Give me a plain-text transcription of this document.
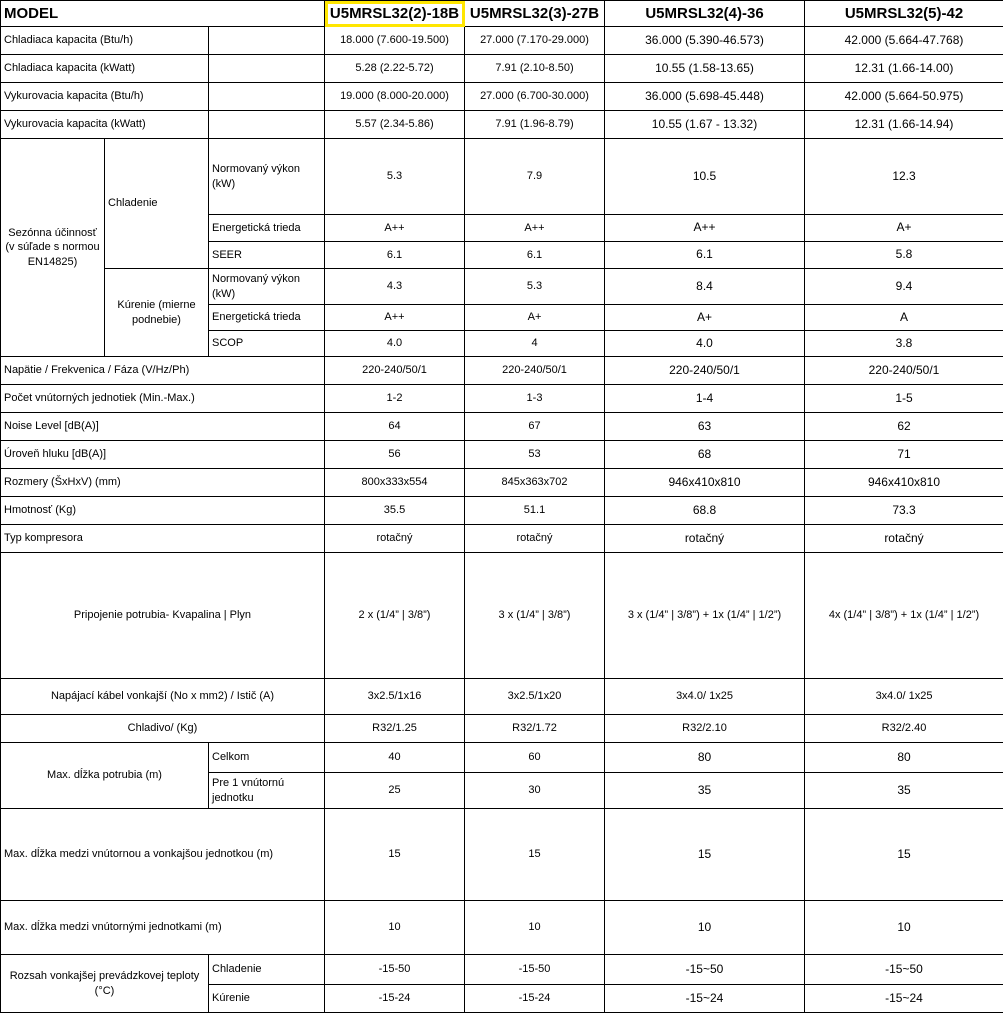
MODEL			U5MRSL32(2)-18B	U5MRSL32(3)-27B	U5MRSL32(4)-36	U5MRSL32(5)-42
Chladiaca kapacita (Btu/h)			18.000 (7.600-19.500)	27.000 (7.170-29.000)	36.000 (5.390-46.573)	42.000 (5.664-47.768)
Chladiaca kapacita (kWatt)			5.28 (2.22-5.72)	7.91 (2.10-8.50)	10.55 (1.58-13.65)	12.31 (1.66-14.00)
Vykurovacia kapacita (Btu/h)			19.000 (8.000-20.000)	27.000 (6.700-30.000)	36.000 (5.698-45.448)	42.000 (5.664-50.975)
Vykurovacia kapacita (kWatt)			5.57 (2.34-5.86)	7.91 (1.96-8.79)	10.55 (1.67 - 13.32)	12.31 (1.66-14.94)
Sezónna účinnosť (v súľade s normou EN14825)	Chladenie	Normovaný výkon (kW)	5.3	7.9	10.5	12.3
		Energetická trieda	A++	A++	A++	A+
		SEER	6.1	6.1	6.1	5.8
	Kúrenie (mierne podnebie)	Normovaný výkon (kW)	4.3	5.3	8.4	9.4
		Energetická trieda	A++	A+	A+	A
		SCOP	4.0	4	4.0	3.8
Napätie / Frekvenica / Fáza (V/Hz/Ph)			220-240/50/1	220-240/50/1	220-240/50/1	220-240/50/1
Počet vnútorných jednotiek (Min.-Max.)			1-2	1-3	1-4	1-5
Noise Level [dB(A)]			64	67	63	62
Úroveň hluku [dB(A)]			56	53	68	71
Rozmery (ŠxHxV) (mm)			800x333x554	845x363x702	946x410x810	946x410x810
Hmotnosť (Kg)			35.5	51.1	68.8	73.3
Typ kompresora			rotačný	rotačný	rotačný	rotačný
Pripojenie potrubia- Kvapalina | Plyn			2 x (1/4” | 3/8”)	3 x (1/4” | 3/8”)	3 x (1/4” | 3/8”) + 1x (1/4” | 1/2”)	4x (1/4” | 3/8”) + 1x (1/4” | 1/2”)
Napájací kábel vonkajší (No x mm2) / Istič (A)			3x2.5/1x16	3x2.5/1x20	3x4.0/ 1x25	3x4.0/ 1x25
Chladivo/ (Kg)			R32/1.25	R32/1.72	R32/2.10	R32/2.40
Max. dĺžka potrubia (m)		Celkom	40	60	80	80
		Pre 1 vnútornú jednotku	25	30	35	35
Max. dĺžka medzi vnútornou a vonkajšou jednotkou (m)			15	15	15	15
Max. dĺžka medzi vnútornými jednotkami (m)			10	10	10	10
Rozsah vonkajšej prevádzkovej teploty (°C)		Chladenie	-15-50	-15-50	-15~50	-15~50
		Kúrenie	-15-24	-15-24	-15~24	-15~24
